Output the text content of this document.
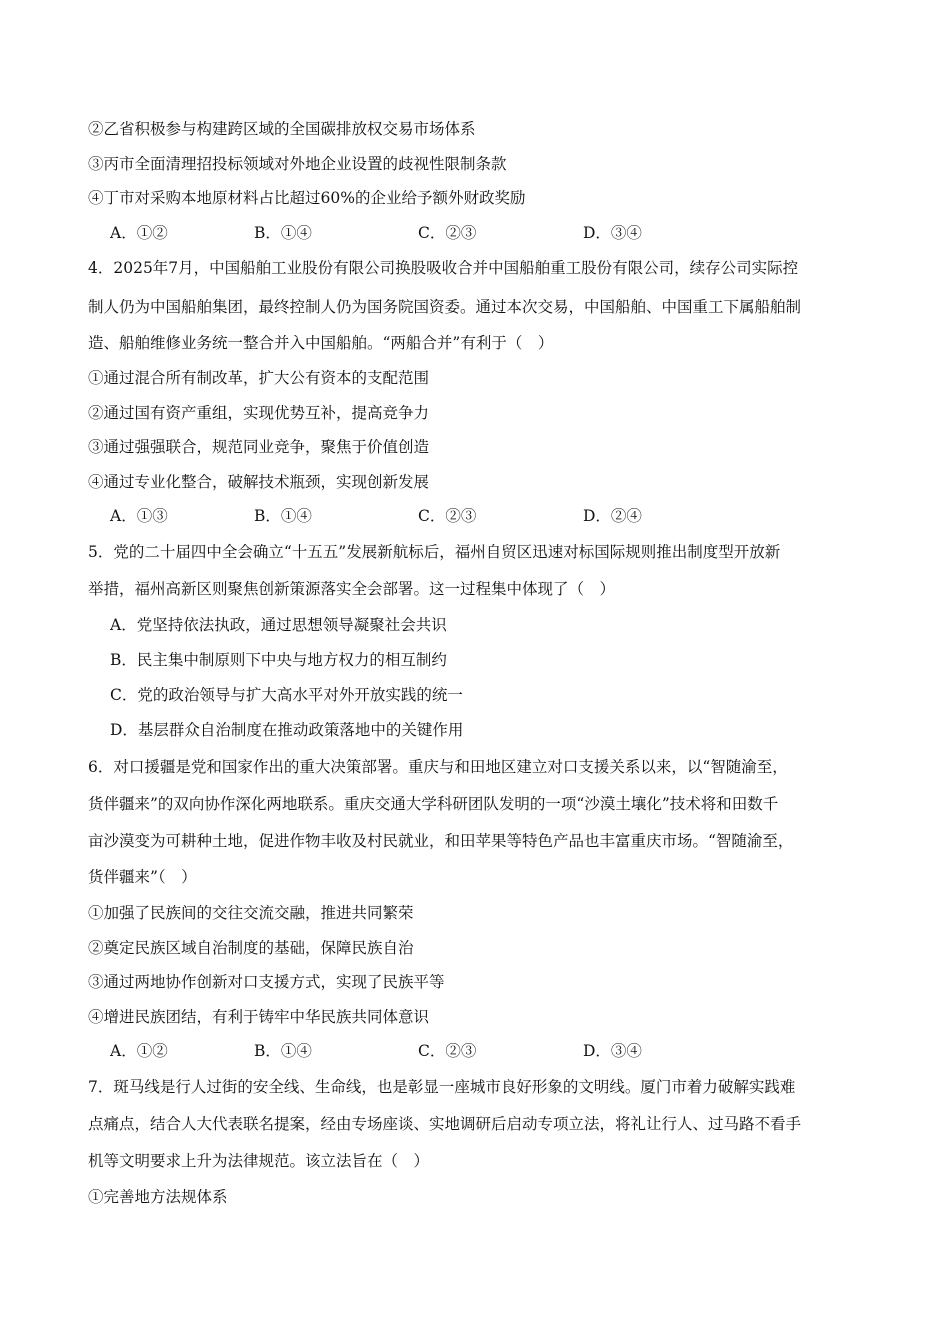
②乙省积极参与构建跨区域的全国碳排放权交易市场体系
③丙市全面清理招投标领域对外地企业设置的歧视性限制条款
④丁市对采购本地原材料占比超过60%的企业给予额外财政奖励
A．①②	B．①④	C．②③	D．③④
4．2025年7月，中国船舶工业股份有限公司换股吸收合并中国船舶重工股份有限公司，续存公司实际控
制人仍为中国船舶集团，最终控制人仍为国务院国资委。通过本次交易，中国船舶、中国重工下属船舶制
造、船舶维修业务统一整合并入中国船舶。“两船合并”有利于（　）
①通过混合所有制改革，扩大公有资本的支配范围
②通过国有资产重组，实现优势互补，提高竞争力
③通过强强联合，规范同业竞争，聚焦于价值创造
④通过专业化整合，破解技术瓶颈，实现创新发展
A．①③	B．①④	C．②③	D．②④
5．党的二十届四中全会确立“十五五”发展新航标后，福州自贸区迅速对标国际规则推出制度型开放新
举措，福州高新区则聚焦创新策源落实全会部署。这一过程集中体现了（　）
A．党坚持依法执政，通过思想领导凝聚社会共识
B．民主集中制原则下中央与地方权力的相互制约
C．党的政治领导与扩大高水平对外开放实践的统一
D．基层群众自治制度在推动政策落地中的关键作用
6．对口援疆是党和国家作出的重大决策部署。重庆与和田地区建立对口支援关系以来，以“智随渝至，
货伴疆来”的双向协作深化两地联系。重庆交通大学科研团队发明的一项“沙漠土壤化”技术将和田数千
亩沙漠变为可耕种土地，促进作物丰收及村民就业，和田苹果等特色产品也丰富重庆市场。“智随渝至，
货伴疆来”（　）
①加强了民族间的交往交流交融，推进共同繁荣
②奠定民族区域自治制度的基础，保障民族自治
③通过两地协作创新对口支援方式，实现了民族平等
④增进民族团结，有利于铸牢中华民族共同体意识
A．①②	B．①④	C．②③	D．③④
7．斑马线是行人过街的安全线、生命线，也是彰显一座城市良好形象的文明线。厦门市着力破解实践难
点痛点，结合人大代表联名提案，经由专场座谈、实地调研后启动专项立法，将礼让行人、过马路不看手
机等文明要求上升为法律规范。该立法旨在（　）
①完善地方法规体系
